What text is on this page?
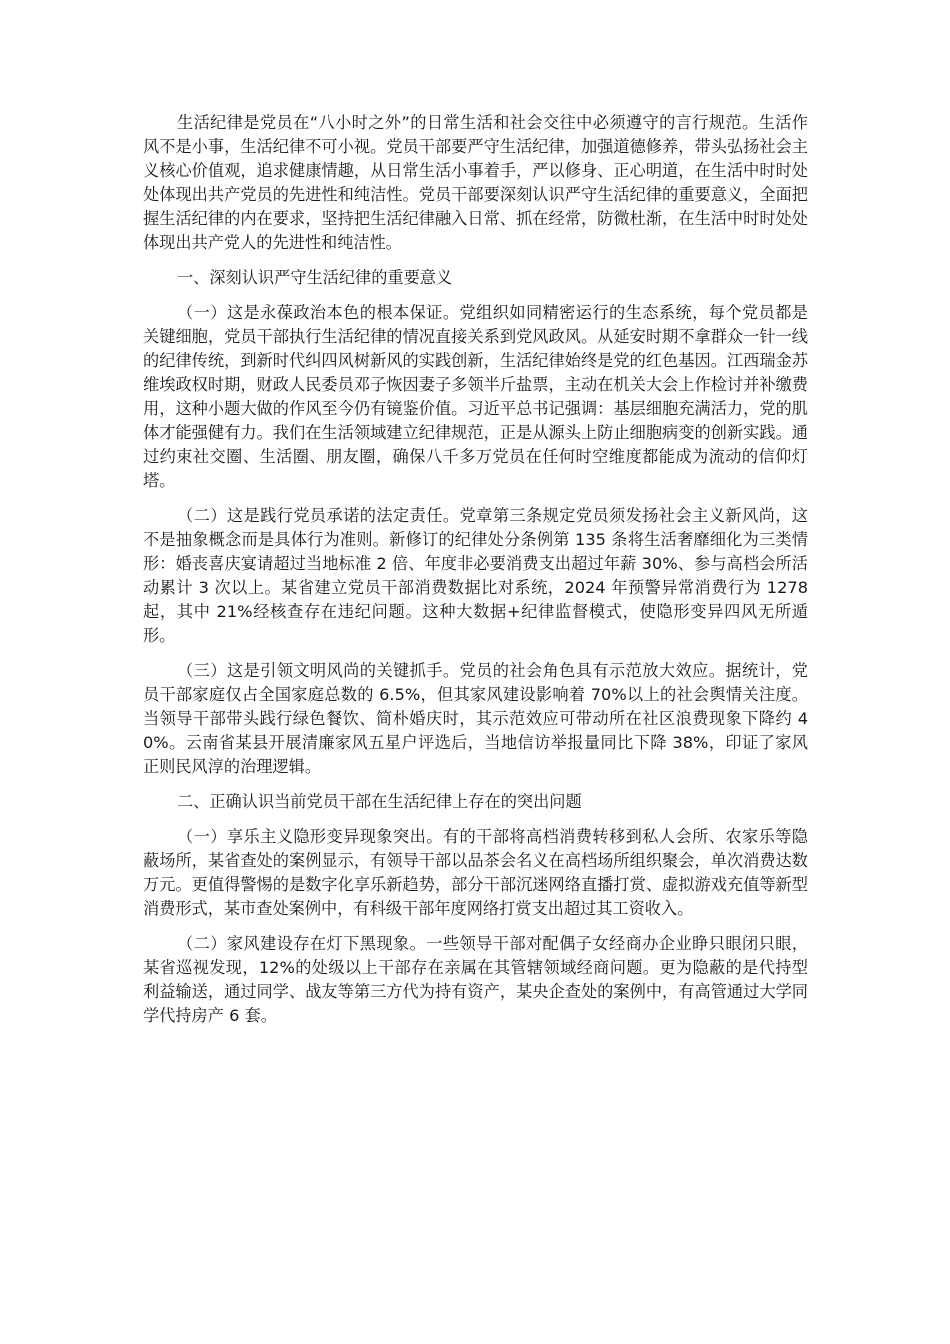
生活纪律是党员在“八小时之外”的日常生活和社会交往中必须遵守的言行规范。生活作风不是小事，生活纪律不可小视。党员干部要严守生活纪律，加强道德修养，带头弘扬社会主义核心价值观，追求健康情趣，从日常生活小事着手，严以修身、正心明道，在生活中时时处处体现出共产党员的先进性和纯洁性。党员干部要深刻认识严守生活纪律的重要意义，全面把握生活纪律的内在要求，坚持把生活纪律融入日常、抓在经常，防微杜渐，在生活中时时处处体现出共产党人的先进性和纯洁性。

一、深刻认识严守生活纪律的重要意义

（一）这是永葆政治本色的根本保证。党组织如同精密运行的生态系统，每个党员都是关键细胞，党员干部执行生活纪律的情况直接关系到党风政风。从延安时期不拿群众一针一线的纪律传统，到新时代纠四风树新风的实践创新，生活纪律始终是党的红色基因。江西瑞金苏维埃政权时期，财政人民委员邓子恢因妻子多领半斤盐票，主动在机关大会上作检讨并补缴费用，这种小题大做的作风至今仍有镜鉴价值。习近平总书记强调：基层细胞充满活力，党的肌体才能强健有力。我们在生活领域建立纪律规范，正是从源头上防止细胞病变的创新实践。通过约束社交圈、生活圈、朋友圈，确保八千多万党员在任何时空维度都能成为流动的信仰灯塔。

（二）这是践行党员承诺的法定责任。党章第三条规定党员须发扬社会主义新风尚，这不是抽象概念而是具体行为准则。新修订的纪律处分条例第 135 条将生活奢靡细化为三类情形：婚丧喜庆宴请超过当地标准 2 倍、年度非必要消费支出超过年薪 30%、参与高档会所活动累计 3 次以上。某省建立党员干部消费数据比对系统，2024 年预警异常消费行为 1278 起，其中 21%经核查存在违纪问题。这种大数据+纪律监督模式，使隐形变异四风无所遁形。

（三）这是引领文明风尚的关键抓手。党员的社会角色具有示范放大效应。据统计，党员干部家庭仅占全国家庭总数的 6.5%，但其家风建设影响着 70%以上的社会舆情关注度。当领导干部带头践行绿色餐饮、简朴婚庆时，其示范效应可带动所在社区浪费现象下降约 40%。云南省某县开展清廉家风五星户评选后，当地信访举报量同比下降 38%，印证了家风正则民风淳的治理逻辑。

二、正确认识当前党员干部在生活纪律上存在的突出问题

（一）享乐主义隐形变异现象突出。有的干部将高档消费转移到私人会所、农家乐等隐蔽场所，某省查处的案例显示，有领导干部以品茶会名义在高档场所组织聚会，单次消费达数万元。更值得警惕的是数字化享乐新趋势，部分干部沉迷网络直播打赏、虚拟游戏充值等新型消费形式，某市查处案例中，有科级干部年度网络打赏支出超过其工资收入。

（二）家风建设存在灯下黑现象。一些领导干部对配偶子女经商办企业睁只眼闭只眼，某省巡视发现，12%的处级以上干部存在亲属在其管辖领域经商问题。更为隐蔽的是代持型利益输送，通过同学、战友等第三方代为持有资产，某央企查处的案例中，有高管通过大学同学代持房产 6 套。
